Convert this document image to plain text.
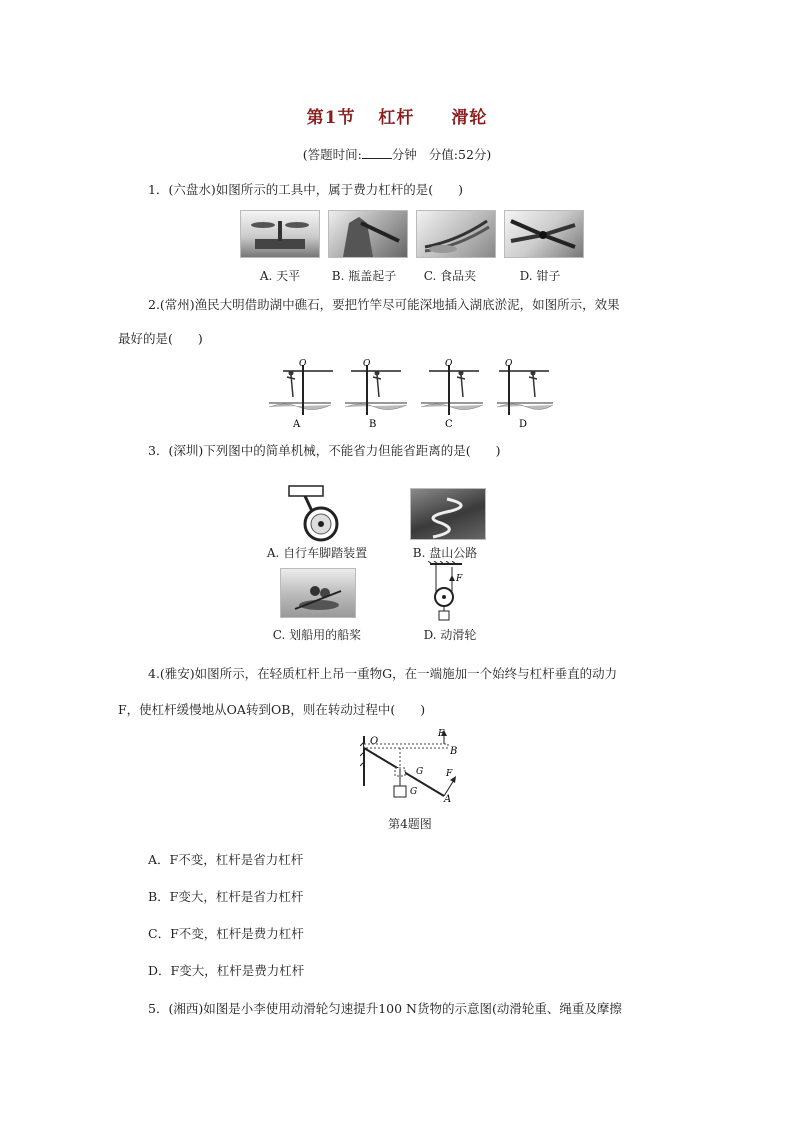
第1节 杠杆 滑轮
(答题时间: 分钟 分值:52分)
1．(六盘水)如图所示的工具中，属于费力杠杆的是(　　)
A. 天平	B. 瓶盖起子	C. 食品夹	D. 钳子
2.(常州)渔民大明借助湖中礁石，要把竹竿尽可能深地插入湖底淤泥，如图所示，效果
最好的是(　　)
O
A
O
B
O
C
O
D
3．(深圳)下列图中的简单机械，不能省力但能省距离的是(　　)
A. 自行车脚踏装置	B. 盘山公路
F
C. 划船用的船桨	D. 动滑轮
4.(雅安)如图所示，在轻质杠杆上吊一重物G，在一端施加一个始终与杠杆垂直的动力
F，使杠杆缓慢地从OA转到OB，则在转动过程中(　　)
O
F
B
G
G
F
A
第4题图
A．F不变，杠杆是省力杠杆
B．F变大，杠杆是省力杠杆
C．F不变，杠杆是费力杠杆
D．F变大，杠杆是费力杠杆
5．(湘西)如图是小李使用动滑轮匀速提升100 N货物的示意图(动滑轮重、绳重及摩擦
